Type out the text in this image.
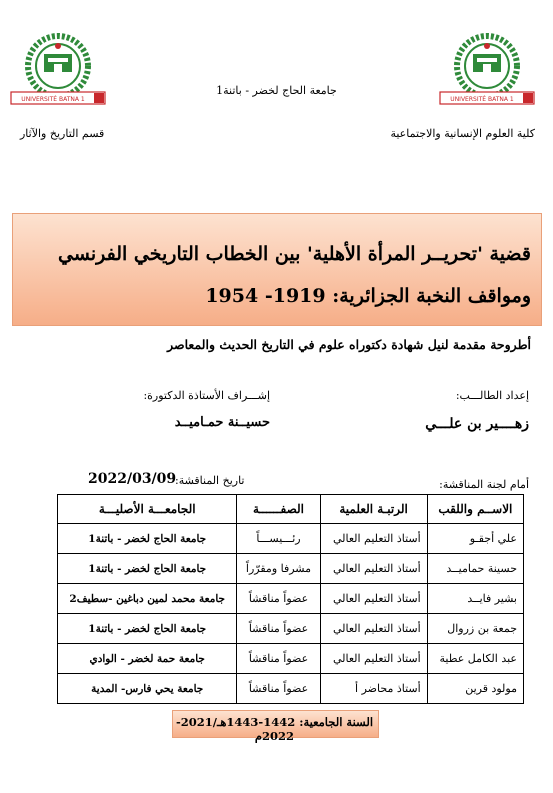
UNIVERSITÉ BATNA 1
UNIVERSITÉ BATNA 1
جامعة الحاج لخضر - باتنة1
كلية العلوم الإنسانية والاجتماعية
قسم التاريخ والآثار
قضية 'تحريــر المرأة الأهلية' بين الخطاب التاريخي الفرنسي
ومواقف النخبة الجزائرية: 1919- 1954
أطروحة مقدمة لنيل شهادة دكتوراه علوم في التاريخ الحديث والمعاصر
إعداد الطالـــب:
زهــــير بن علـــي
إشـــراف الأستاذة الدكتورة:
حسيــنة حمـاميــد
أمام لجنة المناقشة:
تاريخ المناقشة:
2022/03/09
الاســم واللقب	الرتبـة العلمية	الصفــــــة	الجامعـــة الأصليـــة
علي أجقـو	أستاذ التعليم العالي	رئـــيســـاً	جامعة الحاج لخضر - باتنة1
حسينة حماميــد	أستاذ التعليم العالي	مشرفا ومقرّراً	جامعة الحاج لخضر - باتنة1
بشير فايــد	أستاذ التعليم العالي	عضواً مناقشاً	جامعة محمد لمين دباغين -سطيف2
جمعة بن زروال	أستاذ التعليم العالي	عضواً مناقشاً	جامعة الحاج لخضر - باتنة1
عبد الكامل عطية	أستاذ التعليم العالي	عضواً مناقشاً	جامعة حمة لخضر - الوادي
مولود قرين	أستاذ محاضر أ	عضواً مناقشاً	جامعة يحي فارس- المدية
السنة الجامعية: 1442-1443هـ/2021-2022م
